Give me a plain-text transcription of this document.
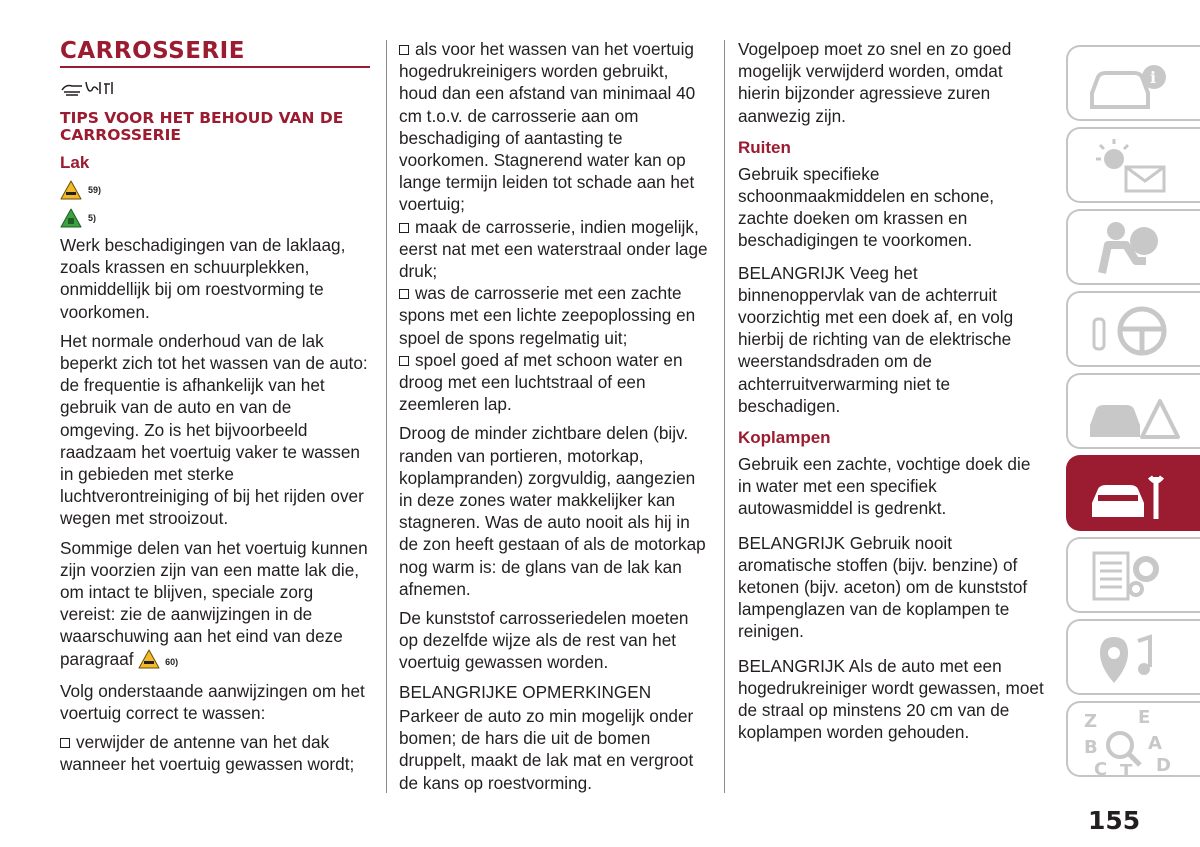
CARROSSERIE
TIPS VOOR HET BEHOUD VAN DE CARROSSERIE
Lak
59)
5)

Werk beschadigingen van de laklaag, zoals krassen en schuurplekken, onmiddellijk bij om roestvorming te voorkomen.

Het normale onderhoud van de lak beperkt zich tot het wassen van de auto: de frequentie is afhankelijk van het gebruik van de auto en van de omgeving. Zo is het bijvoorbeeld raadzaam het voertuig vaker te wassen in gebieden met sterke luchtverontreiniging of bij het rijden over wegen met strooizout.

Sommige delen van het voertuig kunnen zijn voorzien zijn van een matte lak die, om intact te blijven, speciale zorg vereist: zie de aanwijzingen in de waarschuwing aan het eind van deze paragraaf	60)

Volg onderstaande aanwijzingen om het voertuig correct te wassen:

verwijder de antenne van het dak wanneer het voertuig gewassen wordt;

als voor het wassen van het voertuig hogedrukreinigers worden gebruikt, houd dan een afstand van minimaal 40 cm t.o.v. de carrosserie aan om beschadiging of aantasting te voorkomen. Stagnerend water kan op lange termijn leiden tot schade aan het voertuig;

maak de carrosserie, indien mogelijk, eerst nat met een waterstraal onder lage druk;

was de carrosserie met een zachte spons met een lichte zeepoplossing en spoel de spons regelmatig uit;

spoel goed af met schoon water en droog met een luchtstraal of een zeemleren lap.

Droog de minder zichtbare delen (bijv. randen van portieren, motorkap, koplampranden) zorgvuldig, aangezien in deze zones water makkelijker kan stagneren. Was de auto nooit als hij in de zon heeft gestaan of als de motorkap nog warm is: de glans van de lak kan afnemen.

De kunststof carrosseriedelen moeten op dezelfde wijze als de rest van het voertuig gewassen worden.

BELANGRIJKE OPMERKINGEN

Parkeer de auto zo min mogelijk onder bomen; de hars die uit de bomen druppelt, maakt de lak mat en vergroot de kans op roestvorming.

Vogelpoep moet zo snel en zo goed mogelijk verwijderd worden, omdat hierin bijzonder agressieve zuren aanwezig zijn.

Ruiten

Gebruik specifieke schoonmaakmiddelen en schone, zachte doeken om krassen en beschadigingen te voorkomen.

BELANGRIJK Veeg het binnenoppervlak van de achterruit voorzichtig met een doek af, en volg hierbij de richting van de elektrische weerstandsdraden om de achterruitverwarming niet te beschadigen.

Koplampen

Gebruik een zachte, vochtige doek die in water met een specifiek autowasmiddel is gedrenkt.

BELANGRIJK Gebruik nooit aromatische stoffen (bijv. benzine) of ketonen (bijv. aceton) om de kunststof lampenglazen van de koplampen te reinigen.

BELANGRIJK Als de auto met een hogedrukreiniger wordt gewassen, moet de straal op minstens 20 cm van de koplampen worden gehouden.

i
Z E
B	A
C T D
155
